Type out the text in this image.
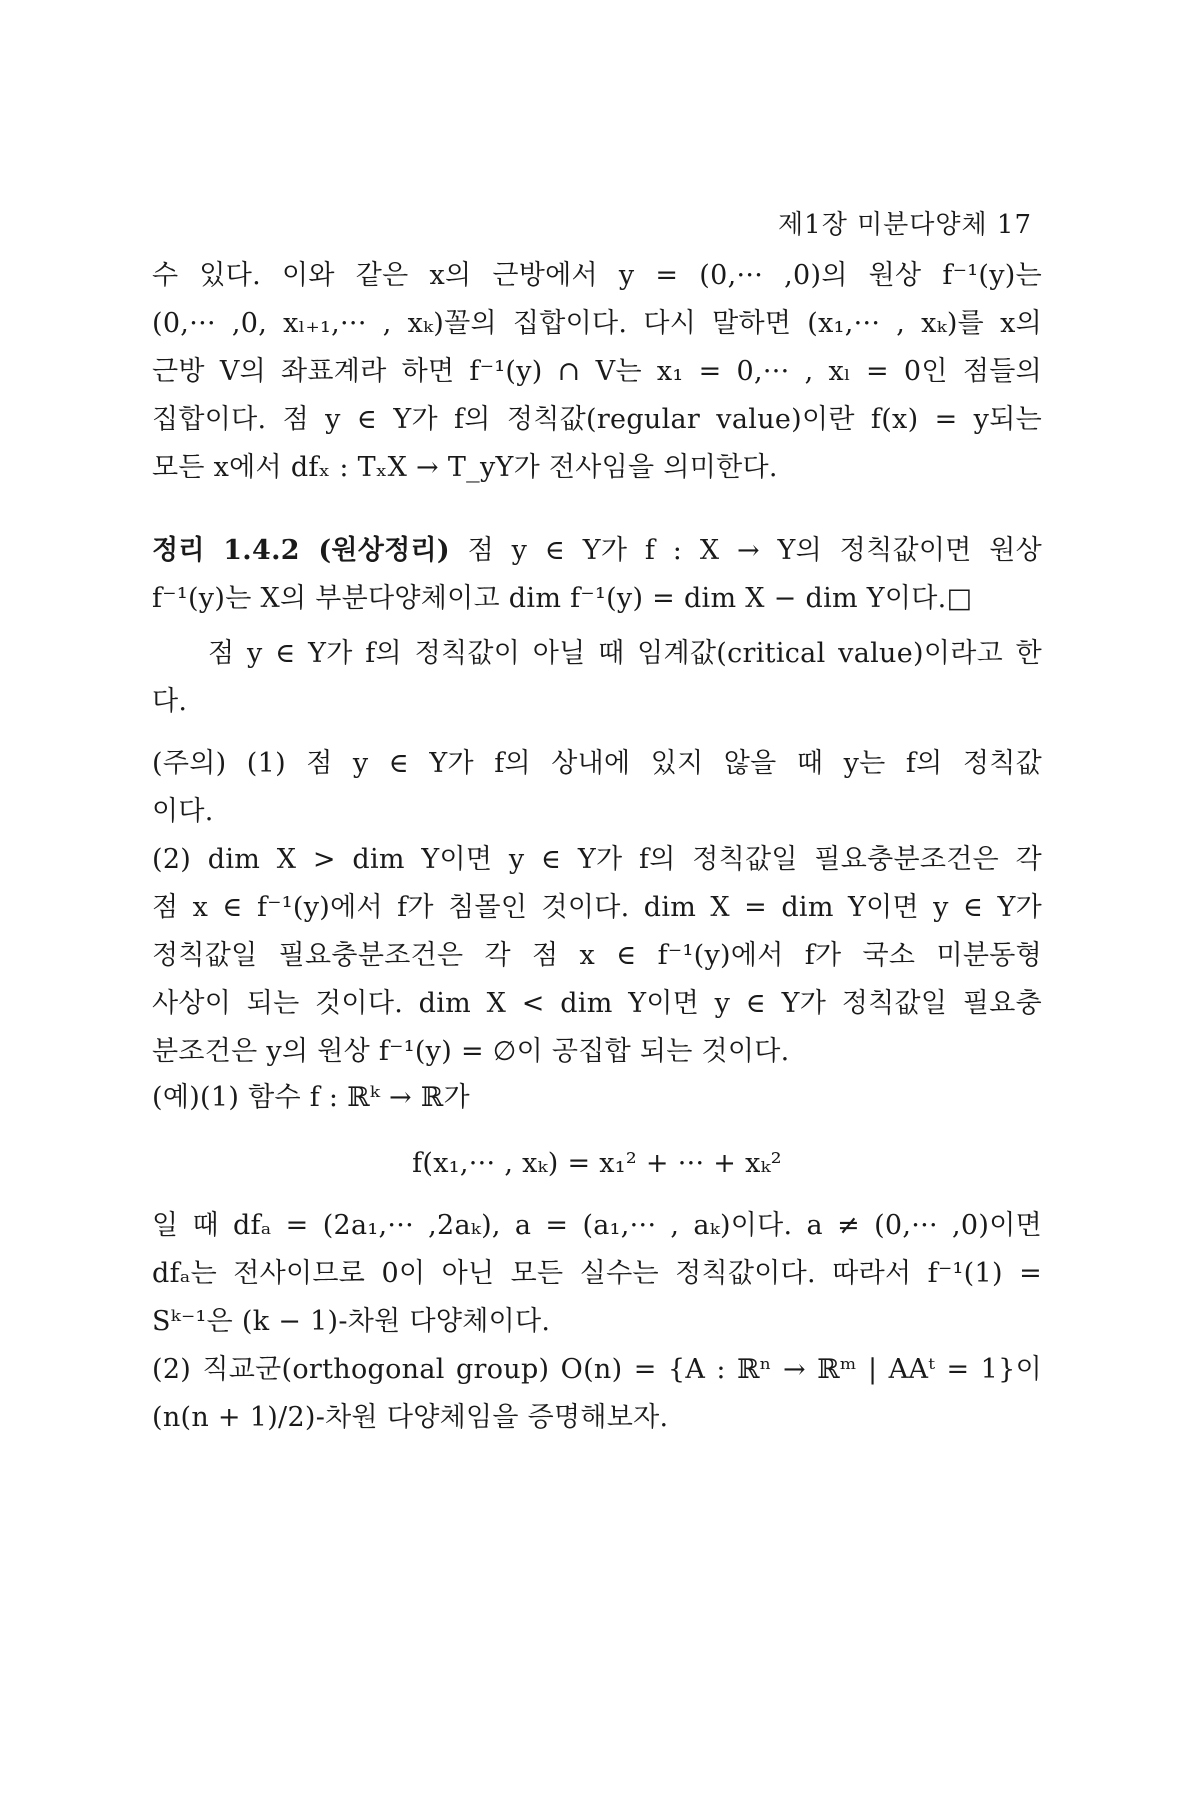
제1장 미분다양체 17

수 있다. 이와 같은 x의 근방에서 y = (0,··· ,0)의 원상 f⁻¹(y)는

(0,··· ,0, xₗ₊₁,··· , xₖ)꼴의 집합이다. 다시 말하면 (x₁,··· , xₖ)를 x의

근방 V의 좌표계라 하면 f⁻¹(y) ∩ V는 x₁ = 0,··· , xₗ = 0인 점들의

집합이다. 점 y ∈ Y가 f의 정칙값(regular value)이란 f(x) = y되는

모든 x에서 dfₓ : TₓX → T_yY가 전사임을 의미한다.

정리 1.4.2 (원상정리) 점 y ∈ Y가 f : X → Y의 정칙값이면 원상

f⁻¹(y)는 X의 부분다양체이고 dim f⁻¹(y) = dim X − dim Y이다.□

점 y ∈ Y가 f의 정칙값이 아닐 때 임계값(critical value)이라고 한

다.

(주의) (1) 점 y ∈ Y가 f의 상내에 있지 않을 때 y는 f의 정칙값

이다.

(2) dim X > dim Y이면 y ∈ Y가 f의 정칙값일 필요충분조건은 각

점 x ∈ f⁻¹(y)에서 f가 침몰인 것이다. dim X = dim Y이면 y ∈ Y가

정칙값일 필요충분조건은 각 점 x ∈ f⁻¹(y)에서 f가 국소 미분동형

사상이 되는 것이다. dim X < dim Y이면 y ∈ Y가 정칙값일 필요충

분조건은 y의 원상 f⁻¹(y) = ∅이 공집합 되는 것이다.

(예)(1) 함수 f : ℝᵏ → ℝ가

f(x₁,··· , xₖ) = x₁² + ··· + xₖ²

일 때 dfₐ = (2a₁,··· ,2aₖ), a = (a₁,··· , aₖ)이다. a ≠ (0,··· ,0)이면

dfₐ는 전사이므로 0이 아닌 모든 실수는 정칙값이다. 따라서 f⁻¹(1) =

Sᵏ⁻¹은 (k − 1)-차원 다양체이다.

(2) 직교군(orthogonal group) O(n) = {A : ℝⁿ → ℝᵐ | AAᵗ = 1}이

(n(n + 1)/2)-차원 다양체임을 증명해보자.
